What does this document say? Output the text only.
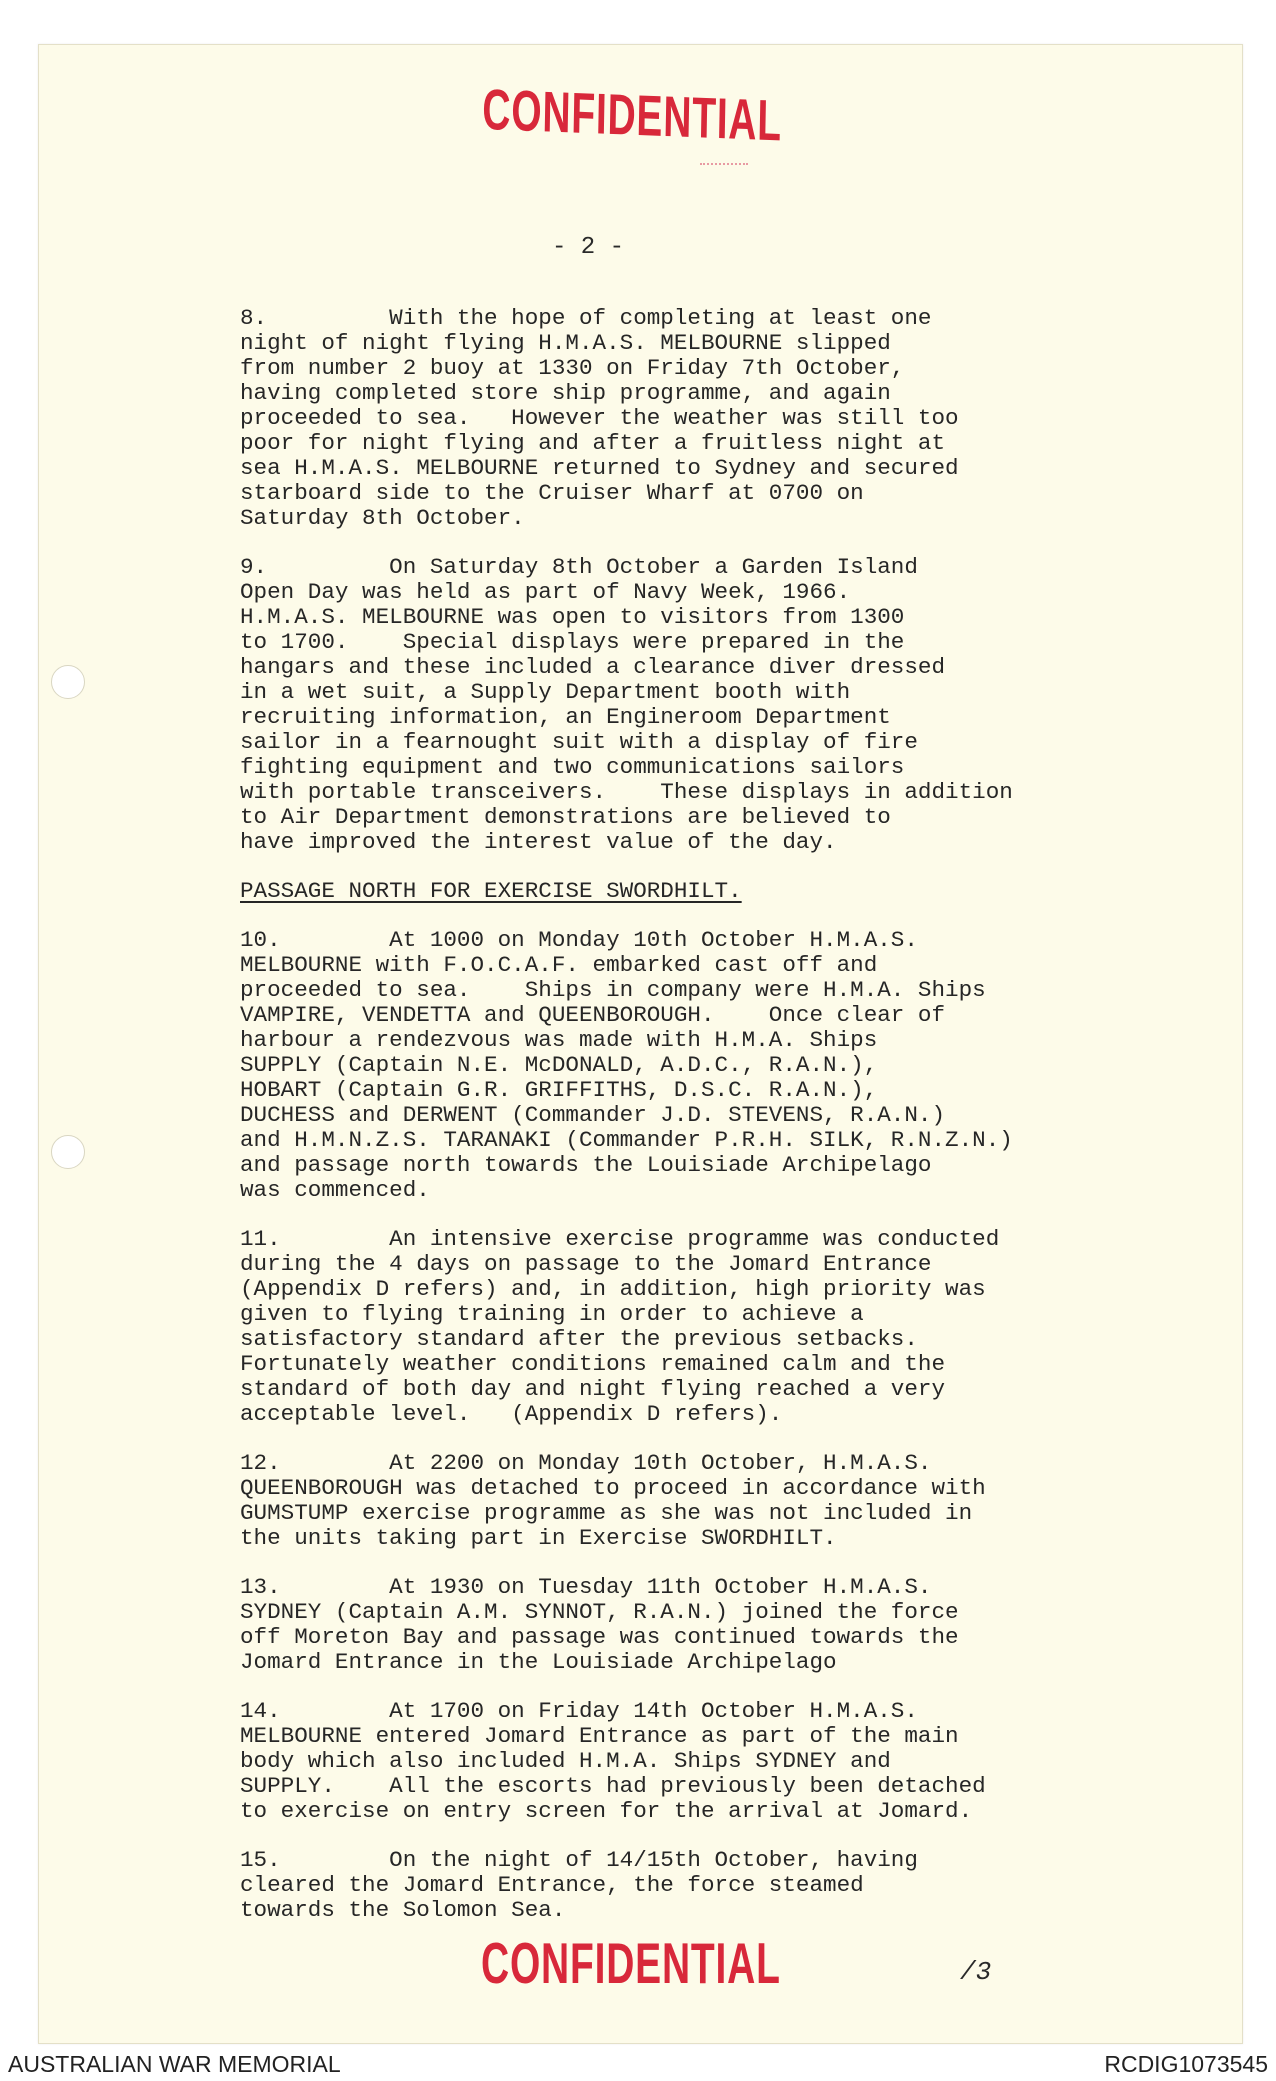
CONFIDENTIAL
- 2 -
8.         With the hope of completing at least one
night of night flying H.M.A.S. MELBOURNE slipped
from number 2 buoy at 1330 on Friday 7th October,
having completed store ship programme, and again
proceeded to sea.   However the weather was still too
poor for night flying and after a fruitless night at
sea H.M.A.S. MELBOURNE returned to Sydney and secured
starboard side to the Cruiser Wharf at 0700 on
Saturday 8th October.
9.         On Saturday 8th October a Garden Island
Open Day was held as part of Navy Week, 1966.
H.M.A.S. MELBOURNE was open to visitors from 1300
to 1700.    Special displays were prepared in the
hangars and these included a clearance diver dressed
in a wet suit, a Supply Department booth with
recruiting information, an Engineroom Department
sailor in a fearnought suit with a display of fire
fighting equipment and two communications sailors
with portable transceivers.    These displays in addition
to Air Department demonstrations are believed to
have improved the interest value of the day.
PASSAGE NORTH FOR EXERCISE SWORDHILT.
10.        At 1000 on Monday 10th October H.M.A.S.
MELBOURNE with F.O.C.A.F. embarked cast off and
proceeded to sea.    Ships in company were H.M.A. Ships
VAMPIRE, VENDETTA and QUEENBOROUGH.    Once clear of
harbour a rendezvous was made with H.M.A. Ships
SUPPLY (Captain N.E. McDONALD, A.D.C., R.A.N.),
HOBART (Captain G.R. GRIFFITHS, D.S.C. R.A.N.),
DUCHESS and DERWENT (Commander J.D. STEVENS, R.A.N.)
and H.M.N.Z.S. TARANAKI (Commander P.R.H. SILK, R.N.Z.N.)
and passage north towards the Louisiade Archipelago
was commenced.
11.        An intensive exercise programme was conducted
during the 4 days on passage to the Jomard Entrance
(Appendix D refers) and, in addition, high priority was
given to flying training in order to achieve a
satisfactory standard after the previous setbacks.
Fortunately weather conditions remained calm and the
standard of both day and night flying reached a very
acceptable level.   (Appendix D refers).
12.        At 2200 on Monday 10th October, H.M.A.S.
QUEENBOROUGH was detached to proceed in accordance with
GUMSTUMP exercise programme as she was not included in
the units taking part in Exercise SWORDHILT.
13.        At 1930 on Tuesday 11th October H.M.A.S.
SYDNEY (Captain A.M. SYNNOT, R.A.N.) joined the force
off Moreton Bay and passage was continued towards the
Jomard Entrance in the Louisiade Archipelago
14.        At 1700 on Friday 14th October H.M.A.S.
MELBOURNE entered Jomard Entrance as part of the main
body which also included H.M.A. Ships SYDNEY and
SUPPLY.    All the escorts had previously been detached
to exercise on entry screen for the arrival at Jomard.
15.        On the night of 14/15th October, having
cleared the Jomard Entrance, the force steamed
towards the Solomon Sea.
CONFIDENTIAL	/3
AUSTRALIAN WAR MEMORIAL	RCDIG1073545
